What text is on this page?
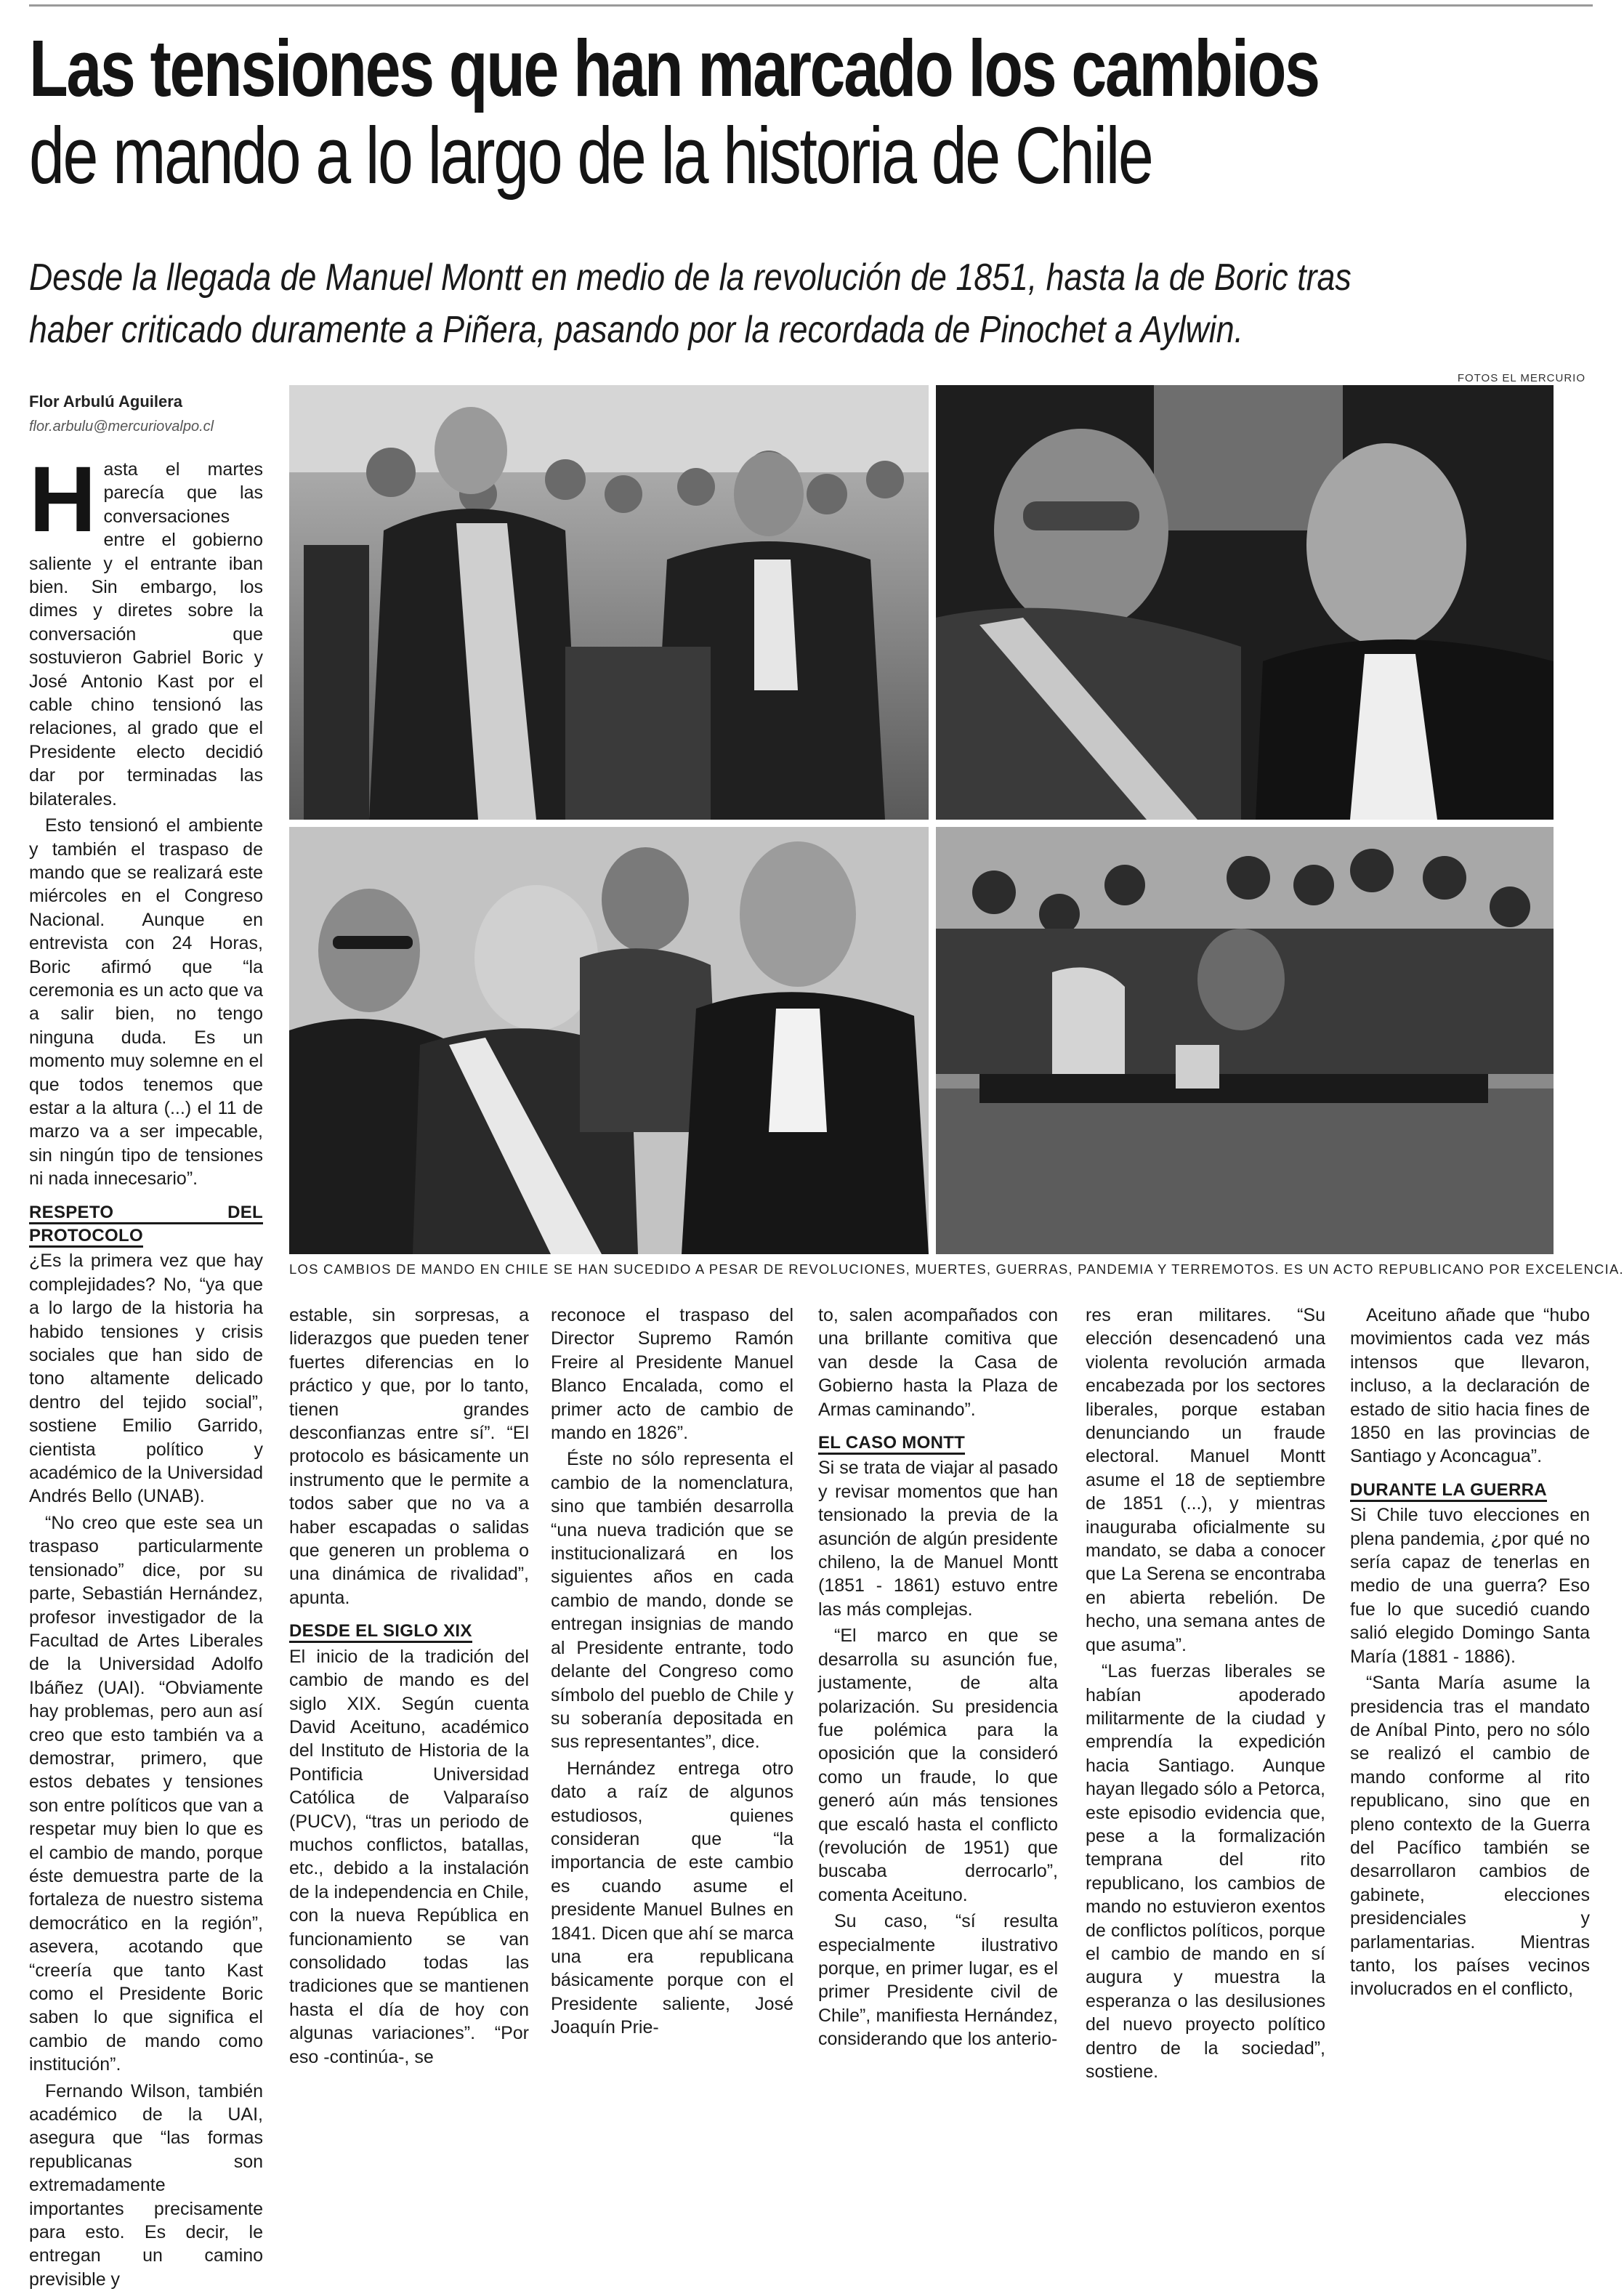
Las tensiones que han marcado los cambios
de mando a lo largo de la historia de Chile
Desde la llegada de Manuel Montt en medio de la revolución de 1851, hasta la de Boric tras
haber criticado duramente a Piñera, pasando por la recordada de Pinochet a Aylwin.
FOTOS EL MERCURIO
Flor Arbulú Aguilera
flor.arbulu@mercuriovalpo.cl
LOS CAMBIOS DE MANDO EN CHILE SE HAN SUCEDIDO A PESAR DE REVOLUCIONES, MUERTES, GUERRAS, PANDEMIA Y TERREMOTOS. ES UN ACTO REPUBLICANO POR EXCELENCIA.

Hasta el martes parecía que las conversaciones entre el gobierno saliente y el entrante iban bien. Sin embargo, los dimes y diretes sobre la conversación que sostuvieron Gabriel Boric y José Antonio Kast por el cable chino tensionó las relaciones, al grado que el Presidente electo decidió dar por terminadas las bilaterales.

Esto tensionó el ambiente y también el traspaso de mando que se realizará este miércoles en el Congreso Nacional. Aunque en entrevista con 24 Horas, Boric afirmó que “la ceremonia es un acto que va a salir bien, no tengo ninguna duda. Es un momento muy solemne en el que todos tenemos que estar a la altura (...) el 11 de marzo va a ser impecable, sin ningún tipo de tensiones ni nada innecesario”.

RESPETO DEL PROTOCOLO

¿Es la primera vez que hay complejidades? No, “ya que a lo largo de la historia ha habido tensiones y crisis sociales que han sido de tono altamente delicado dentro del tejido social”, sostiene Emilio Garrido, cientista político y académico de la Universidad Andrés Bello (UNAB).

“No creo que este sea un traspaso particularmente tensionado” dice, por su parte, Sebastián Hernández, profesor investigador de la Facultad de Artes Liberales de la Universidad Adolfo Ibáñez (UAI). “Obviamente hay problemas, pero aun así creo que esto también va a demostrar, primero, que estos debates y tensiones son entre políticos que van a respetar muy bien lo que es el cambio de mando, porque éste demuestra parte de la fortaleza de nuestro sistema democrático en la región”, asevera, acotando que “creería que tanto Kast como el Presidente Boric saben lo que significa el cambio de mando como institución”.

Fernando Wilson, también académico de la UAI, asegura que “las formas republicanas son extremadamente importantes precisamente para esto. Es decir, le entregan un camino previsible y

estable, sin sorpresas, a liderazgos que pueden tener fuertes diferencias en lo práctico y que, por lo tanto, tienen grandes desconfianzas entre sí”. “El protocolo es básicamente un instrumento que le permite a todos saber que no va a haber escapadas o salidas que generen un problema o una dinámica de rivalidad”, apunta.

DESDE EL SIGLO XIX

El inicio de la tradición del cambio de mando es del siglo XIX. Según cuenta David Aceituno, académico del Instituto de Historia de la Pontificia Universidad Católica de Valparaíso (PUCV), “tras un periodo de muchos conflictos, batallas, etc., debido a la instalación de la independencia en Chile, con la nueva República en funcionamiento se van consolidado todas las tradiciones que se mantienen hasta el día de hoy con algunas variaciones”. “Por eso -continúa-, se

reconoce el traspaso del Director Supremo Ramón Freire al Presidente Manuel Blanco Encalada, como el primer acto de cambio de mando en 1826”.

Éste no sólo representa el cambio de la nomenclatura, sino que también desarrolla “una nueva tradición que se institucionalizará en los siguientes años en cada cambio de mando, donde se entregan insignias de mando al Presidente entrante, todo delante del Congreso como símbolo del pueblo de Chile y su soberanía depositada en sus representantes”, dice.

Hernández entrega otro dato a raíz de algunos estudiosos, quienes consideran que “la importancia de este cambio es cuando asume el presidente Manuel Bulnes en 1841. Dicen que ahí se marca una era republicana básicamente porque con el Presidente saliente, José Joaquín Prie-

to, salen acompañados con una brillante comitiva que van desde la Casa de Gobierno hasta la Plaza de Armas caminando”.

EL CASO MONTT

Si se trata de viajar al pasado y revisar momentos que han tensionado la previa de la asunción de algún presidente chileno, la de Manuel Montt (1851 - 1861) estuvo entre las más complejas.

“El marco en que se desarrolla su asunción fue, justamente, de alta polarización. Su presidencia fue polémica para la oposición que la consideró como un fraude, lo que generó aún más tensiones que escaló hasta el conflicto (revolución de 1951) que buscaba derrocarlo”, comenta Aceituno.

Su caso, “sí resulta especialmente ilustrativo porque, en primer lugar, es el primer Presidente civil de Chile”, manifiesta Hernández, considerando que los anterio-

res eran militares. “Su elección desencadenó una violenta revolución armada encabezada por los sectores liberales, porque estaban denunciando un fraude electoral. Manuel Montt asume el 18 de septiembre de 1851 (...), y mientras inauguraba oficialmente su mandato, se daba a conocer que La Serena se encontraba en abierta rebelión. De hecho, una semana antes de que asuma”.

“Las fuerzas liberales se habían apoderado militarmente de la ciudad y emprendía la expedición hacia Santiago. Aunque hayan llegado sólo a Petorca, este episodio evidencia que, pese a la formalización temprana del rito republicano, los cambios de mando no estuvieron exentos de conflictos políticos, porque el cambio de mando en sí augura y muestra la esperanza o las desilusiones del nuevo proyecto político dentro de la sociedad”, sostiene.

Aceituno añade que “hubo movimientos cada vez más intensos que llevaron, incluso, a la declaración de estado de sitio hacia fines de 1850 en las provincias de Santiago y Aconcagua”.

DURANTE LA GUERRA

Si Chile tuvo elecciones en plena pandemia, ¿por qué no sería capaz de tenerlas en medio de una guerra? Eso fue lo que sucedió cuando salió elegido Domingo Santa María (1881 - 1886).

“Santa María asume la presidencia tras el mandato de Aníbal Pinto, pero no sólo se realizó el cambio de mando conforme al rito republicano, sino que en pleno contexto de la Guerra del Pacífico también se desarrollaron cambios de gabinete, elecciones presidenciales y parlamentarias. Mientras tanto, los países vecinos involucrados en el conflicto,
